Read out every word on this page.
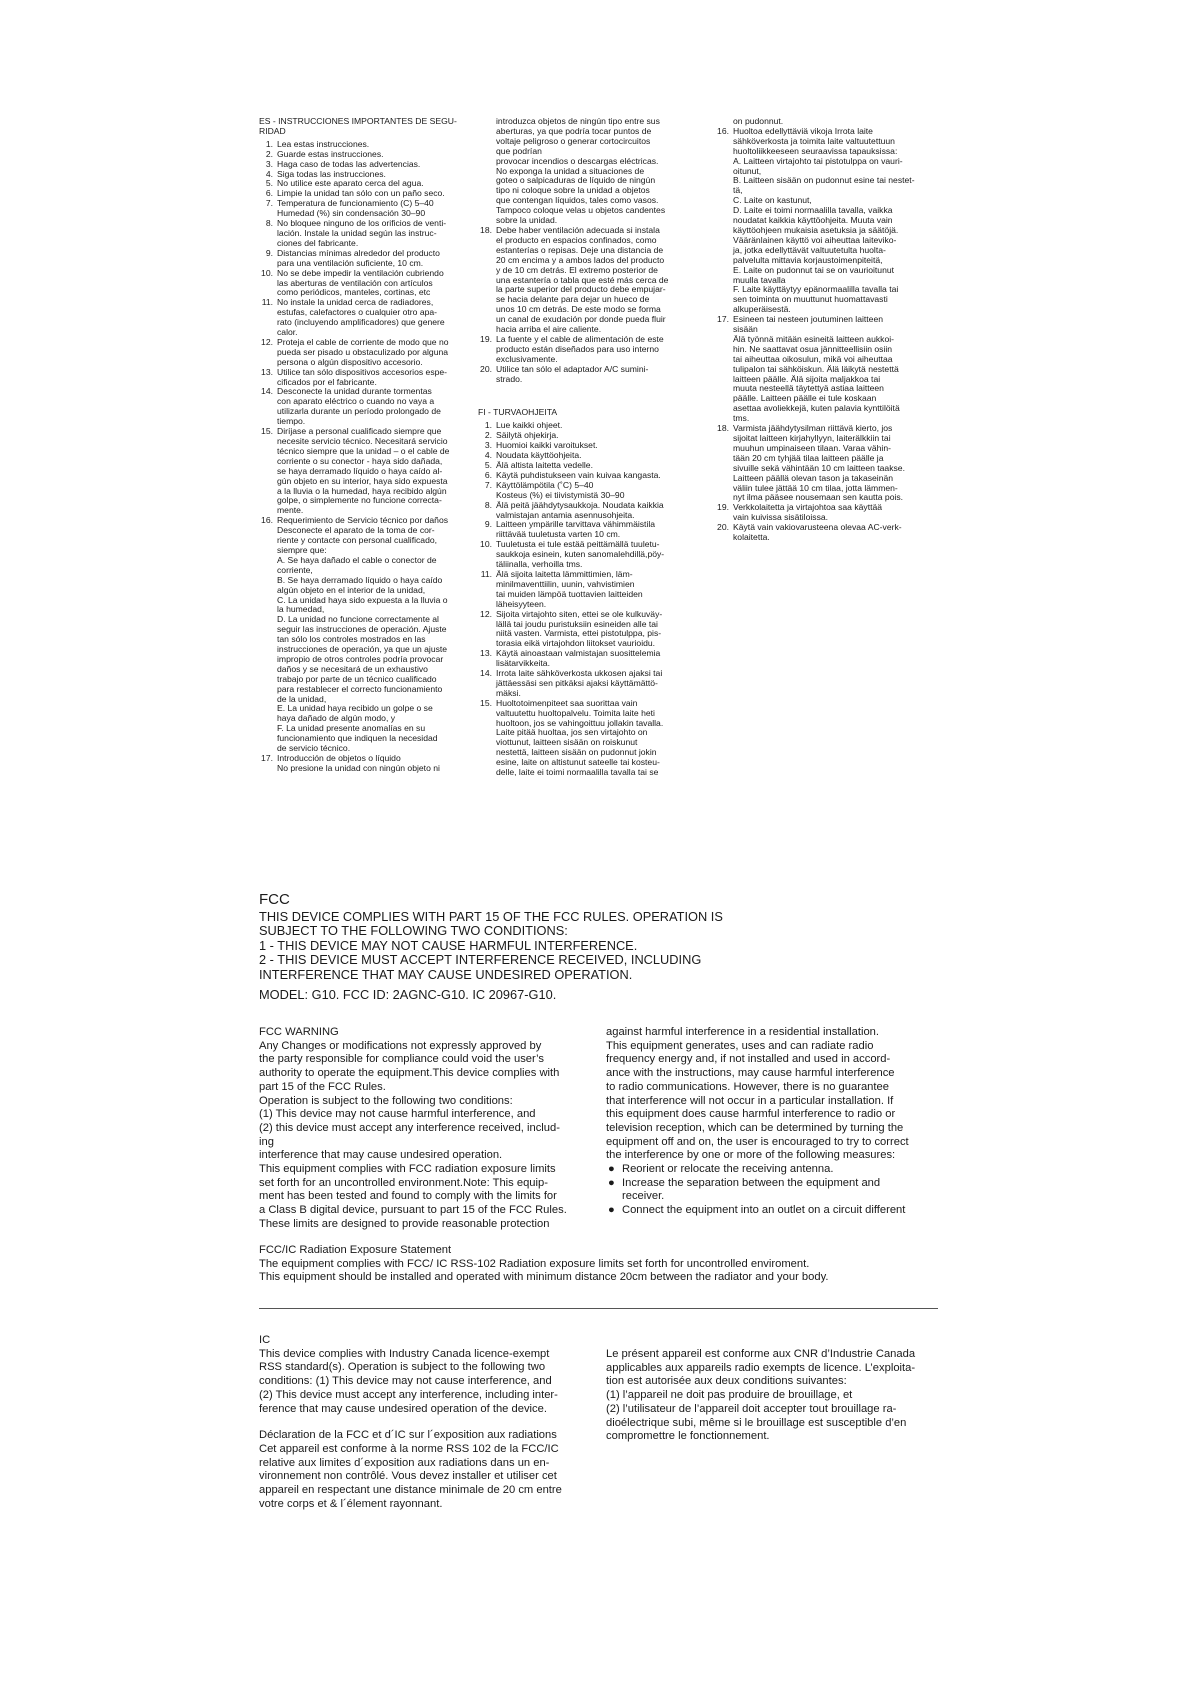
ES - INSTRUCCIONES IMPORTANTES DE SEGU-
RIDAD
1. Lea estas instrucciones.
2. Guarde estas instrucciones.
3. Haga caso de todas las advertencias.
4. Siga todas las instrucciones.
5. No utilice este aparato cerca del agua.
6. Limpie la unidad tan sólo con un paño seco.
7. Temperatura de funcionamiento (C) 5–40
Humedad (%) sin condensación 30–90
8. No bloquee ninguno de los orificios de venti-
lación. Instale la unidad según las instruc-
ciones del fabricante.
9. Distancias mínimas alrededor del producto
para una ventilación suficiente, 10 cm.
10. No se debe impedir la ventilación cubriendo
las aberturas de ventilación con artículos
como periódicos, manteles, cortinas, etc
11. No instale la unidad cerca de radiadores,
estufas, calefactores o cualquier otro apa-
rato (incluyendo amplificadores) que genere
calor.
12. Proteja el cable de corriente de modo que no
pueda ser pisado u obstaculizado por alguna
persona o algún dispositivo accesorio.
13. Utilice tan sólo dispositivos accesorios espe-
cificados por el fabricante.
14. Desconecte la unidad durante tormentas
con aparato eléctrico o cuando no vaya a
utilizarla durante un período prolongado de
tiempo.
15. Diríjase a personal cualificado siempre que
necesite servicio técnico. Necesitará servicio
técnico siempre que la unidad – o el cable de
corriente o su conector - haya sido dañada,
se haya derramado líquido o haya caído al-
gún objeto en su interior, haya sido expuesta
a la lluvia o la humedad, haya recibido algún
golpe, o simplemente no funcione correcta-
mente.
16. Requerimiento de Servicio técnico por daños
Desconecte el aparato de la toma de cor-
riente y contacte con personal cualificado,
siempre que:
A. Se haya dañado el cable o conector de
corriente,
B. Se haya derramado líquido o haya caído
algún objeto en el interior de la unidad,
C. La unidad haya sido expuesta a la lluvia o
la humedad,
D. La unidad no funcione correctamente al
seguir las instrucciones de operación. Ajuste
tan sólo los controles mostrados en las
instrucciones de operación, ya que un ajuste
impropio de otros controles podría provocar
daños y se necesitará de un exhaustivo
trabajo por parte de un técnico cualificado
para restablecer el correcto funcionamiento
de la unidad,
E. La unidad haya recibido un golpe o se
haya dañado de algún modo, y
F. La unidad presente anomalías en su
funcionamiento que indiquen la necesidad
de servicio técnico.
17. Introducción de objetos o líquido
No presione la unidad con ningún objeto ni
introduzca objetos de ningún tipo entre sus
aberturas, ya que podría tocar puntos de
voltaje peligroso o generar cortocircuitos
que podrían
provocar incendios o descargas eléctricas.
No exponga la unidad a situaciones de
goteo o salpicaduras de líquido de ningún
tipo ni coloque sobre la unidad a objetos
que contengan líquidos, tales como vasos.
Tampoco coloque velas u objetos candentes
sobre la unidad.
18. Debe haber ventilación adecuada si instala
el producto en espacios confinados, como
estanterías o repisas. Deje una distancia de
20 cm encima y a ambos lados del producto
y de 10 cm detrás. El extremo posterior de
una estantería o tabla que esté más cerca de
la parte superior del producto debe empujar-
se hacia delante para dejar un hueco de
unos 10 cm detrás. De este modo se forma
un canal de exudación por donde pueda fluir
hacia arriba el aire caliente.
19. La fuente y el cable de alimentación de este
producto están diseñados para uso interno
exclusivamente.
20. Utilice tan sólo el adaptador A/C sumini-
strado.
FI - TURVAOHJEITA
1. Lue kaikki ohjeet.
2. Säilytä ohjekirja.
3. Huomioi kaikki varoitukset.
4. Noudata käyttöohjeita.
5. Älä altista laitetta vedelle.
6. Käytä puhdistukseen vain kuivaa kangasta.
7. Käyttölämpötila (˚C) 5–40
Kosteus (%) ei tiivistymistä 30–90
8. Älä peitä jäähdytysaukkoja. Noudata kaikkia
valmistajan antamia asennusohjeita.
9. Laitteen ympärille tarvittava vähimmäistila
riittävää tuuletusta varten 10 cm.
10. Tuuletusta ei tule estää peittämällä tuuletu-
saukkoja esinein, kuten sanomalehdillä,pöy-
täliinalla, verhoilla tms.
11. Älä sijoita laitetta lämmittimien, läm-
minilmaventtiilin, uunin, vahvistimien
tai muiden lämpöä tuottavien laitteiden
läheisyyteen.
12. Sijoita virtajohto siten, ettei se ole kulkuväy-
lällä tai joudu puristuksiin esineiden alle tai
niitä vasten. Varmista, ettei pistotulppa, pis-
torasia eikä virtajohdon liitokset vaurioidu.
13. Käytä ainoastaan valmistajan suosittelemia
lisätarvikkeita.
14. Irrota laite sähköverkosta ukkosen ajaksi tai
jättäessäsi sen pitkäksi ajaksi käyttämättö-
mäksi.
15. Huoltotoimenpiteet saa suorittaa vain
valtuutettu huoltopalvelu. Toimita laite heti
huoltoon, jos se vahingoittuu jollakin tavalla.
Laite pitää huoltaa, jos sen virtajohto on
viottunut, laitteen sisään on roiskunut
nestettä, laitteen sisään on pudonnut jokin
esine, laite on altistunut sateelle tai kosteu-
delle, laite ei toimi normaalilla tavalla tai se
on pudonnut.
16. Huoltoa edellyttäviä vikoja Irrota laite
sähköverkosta ja toimita laite valtuutettuun
huoltoliikkeeseen seuraavissa tapauksissa:
A. Laitteen virtajohto tai pistotulppa on vauri-
oitunut,
B. Laitteen sisään on pudonnut esine tai nestet-
tä,
C. Laite on kastunut,
D. Laite ei toimi normaalilla tavalla, vaikka
noudatat kaikkia käyttöohjeita. Muuta vain
käyttöohjeen mukaisia asetuksia ja säätöjä.
Vääränlainen käyttö voi aiheuttaa laiteviko-
ja, jotka edellyttävät valtuutetulta huolta-
palvelulta mittavia korjaustoimenpiteitä,
E. Laite on pudonnut tai se on vaurioitunut
muulla tavalla
F. Laite käyttäytyy epänormaalilla tavalla tai
sen toiminta on muuttunut huomattavasti
alkuperäisestä.
17. Esineen tai nesteen joutuminen laitteen
sisään
Älä työnnä mitään esineitä laitteen aukkoi-
hin. Ne saattavat osua jännitteellisiin osiin
tai aiheuttaa oikosulun, mikä voi aiheuttaa
tulipalon tai sähköiskun. Älä läikytä nestettä
laitteen päälle. Älä sijoita maljakkoa tai
muuta nesteellä täytettyä astiaa laitteen
päälle. Laitteen päälle ei tule koskaan
asettaa avoliekkejä, kuten palavia kynttilöitä
tms.
18. Varmista jäähdytysilman riittävä kierto, jos
sijoitat laitteen kirjahyllyyn, laiterälkkiin tai
muuhun umpinaiseen tilaan. Varaa vähin-
tään 20 cm tyhjää tilaa laitteen päälle ja
sivuille sekä vähintään 10 cm laitteen taakse.
Laitteen päällä olevan tason ja takaseinän
väliin tulee jättää 10 cm tilaa, jotta lämmen-
nyt ilma pääsee nousemaan sen kautta pois.
19. Verkkolaitetta ja virtajohtoa saa käyttää
vain kuivissa sisätiloissa.
20. Käytä vain vakiovarusteena olevaa AC-verk-
kolaitetta.
FCC
THIS DEVICE COMPLIES WITH PART 15 OF THE FCC RULES. OPERATION IS
SUBJECT TO THE FOLLOWING TWO CONDITIONS:
1 - THIS DEVICE MAY NOT CAUSE HARMFUL INTERFERENCE.
2 - THIS DEVICE MUST ACCEPT INTERFERENCE RECEIVED, INCLUDING
INTERFERENCE THAT MAY CAUSE UNDESIRED OPERATION.
MODEL: G10. FCC ID: 2AGNC-G10. IC 20967-G10.
FCC WARNING
Any Changes or modifications not expressly approved by
the party responsible for compliance could void the user’s
authority to operate the equipment.This device complies with
part 15 of the FCC Rules.
Operation is subject to the following two conditions:
(1) This device may not cause harmful interference, and
(2) this device must accept any interference received, includ-
ing
interference that may cause undesired operation.
This equipment complies with FCC radiation exposure limits
set forth for an uncontrolled environment.Note: This equip-
ment has been tested and found to comply with the limits for
a Class B digital device, pursuant to part 15 of the FCC Rules.
These limits are designed to provide reasonable protection
against harmful interference in a residential installation.
This equipment generates, uses and can radiate radio
frequency energy and, if not installed and used in accord-
ance with the instructions, may cause harmful interference
to radio communications. However, there is no guarantee
that interference will not occur in a particular installation. If
this equipment does cause harmful interference to radio or
television reception, which can be determined by turning the
equipment off and on, the user is encouraged to try to correct
the interference by one or more of the following measures:
● Reorient or relocate the receiving antenna.
● Increase the separation between the equipment and
receiver.
● Connect the equipment into an outlet on a circuit different
FCC/IC Radiation Exposure Statement
The equipment complies with FCC/ IC RSS-102 Radiation exposure limits set forth for uncontrolled enviroment.
This equipment should be installed and operated with minimum distance 20cm between the radiator and your body.
IC
This device complies with Industry Canada licence-exempt
RSS standard(s). Operation is subject to the following two
conditions: (1) This device may not cause interference, and
(2) This device must accept any interference, including inter-
ference that may cause undesired operation of the device.
Déclaration de la FCC et d´IC sur l´exposition aux radiations
Cet appareil est conforme à la norme RSS 102 de la FCC/IC
relative aux limites d´exposition aux radiations dans un en-
vironnement non contrôlé. Vous devez installer et utiliser cet
appareil en respectant une distance minimale de 20 cm entre
votre corps et & l´élement rayonnant.
Le présent appareil est conforme aux CNR d’Industrie Canada
applicables aux appareils radio exempts de licence. L’exploita-
tion est autorisée aux deux conditions suivantes:
(1) l’appareil ne doit pas produire de brouillage, et
(2) l’utilisateur de l’appareil doit accepter tout brouillage ra-
dioélectrique subi, même si le brouillage est susceptible d’en
compromettre le fonctionnement.
